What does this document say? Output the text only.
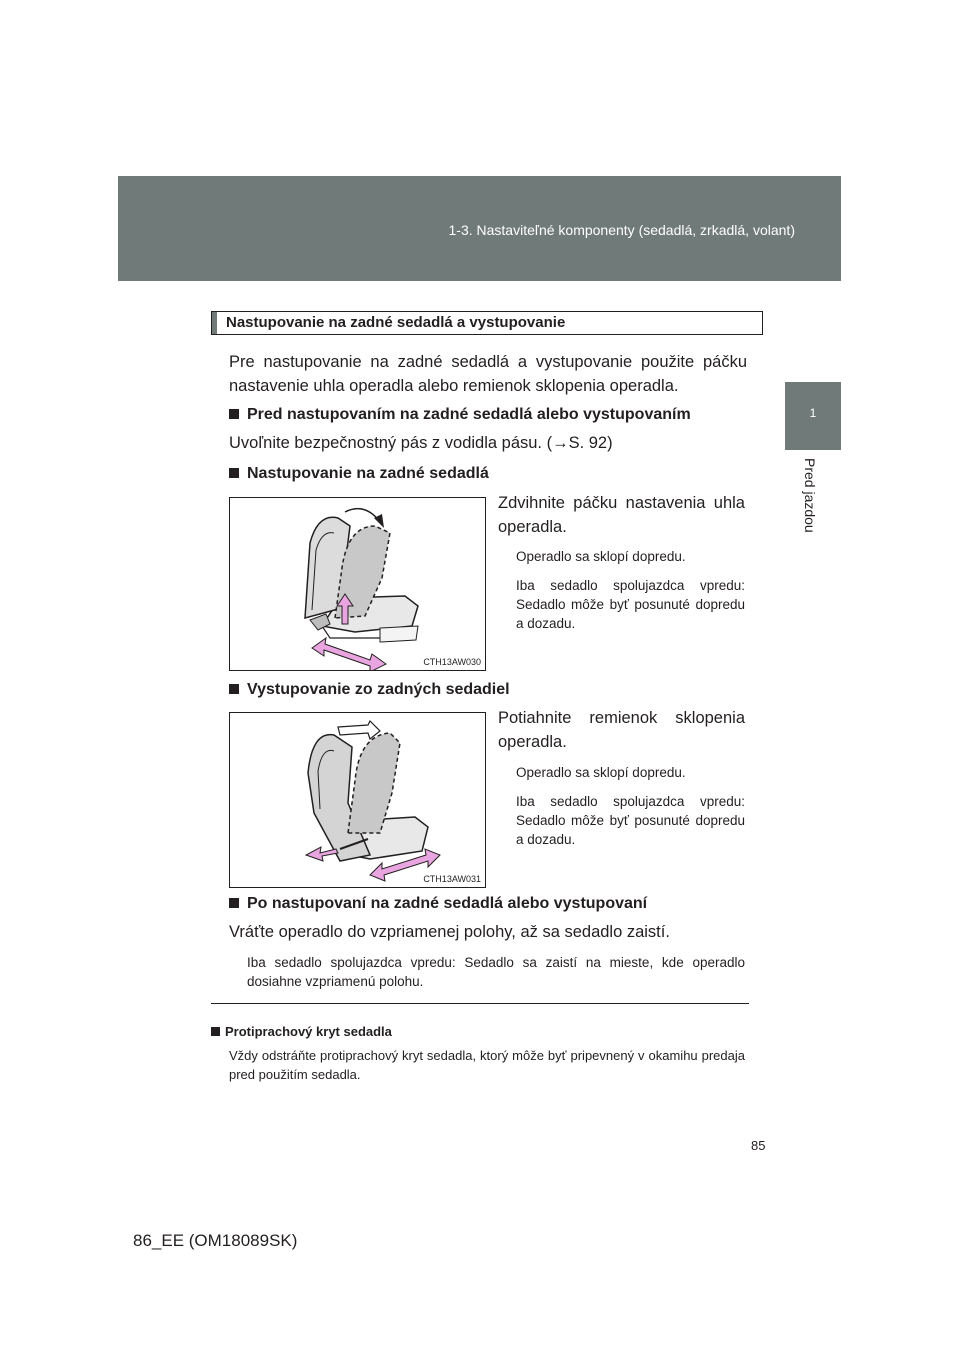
1-3. Nastaviteľné komponenty (sedadlá, zrkadlá, volant)
1
Pred jazdou
Nastupovanie na zadné sedadlá a vystupovanie
Pre nastupovanie na zadné sedadlá a vystupovanie použite páčku nastavenie uhla operadla alebo remienok sklopenia operadla.
Pred nastupovaním na zadné sedadlá alebo vystupovaním
Uvoľnite bezpečnostný pás z vodidla pásu. (→S. 92)
Nastupovanie na zadné sedadlá
CTH13AW030
Zdvihnite páčku nastavenia uhla operadla.
Operadlo sa sklopí dopredu.
Iba sedadlo spolujazdca vpredu: Sedadlo môže byť posunuté dopredu a dozadu.
Vystupovanie zo zadných sedadiel
CTH13AW031
Potiahnite remienok sklopenia operadla.
Operadlo sa sklopí dopredu.
Iba sedadlo spolujazdca vpredu: Sedadlo môže byť posunuté dopredu a dozadu.
Po nastupovaní na zadné sedadlá alebo vystupovaní
Vráťte operadlo do vzpriamenej polohy, až sa sedadlo zaistí.
Iba sedadlo spolujazdca vpredu: Sedadlo sa zaistí na mieste, kde operadlo dosiahne vzpriamenú polohu.
Protiprachový kryt sedadla
Vždy odstráňte protiprachový kryt sedadla, ktorý môže byť pripevnený v okamihu predaja pred použitím sedadla.
85
86_EE (OM18089SK)
